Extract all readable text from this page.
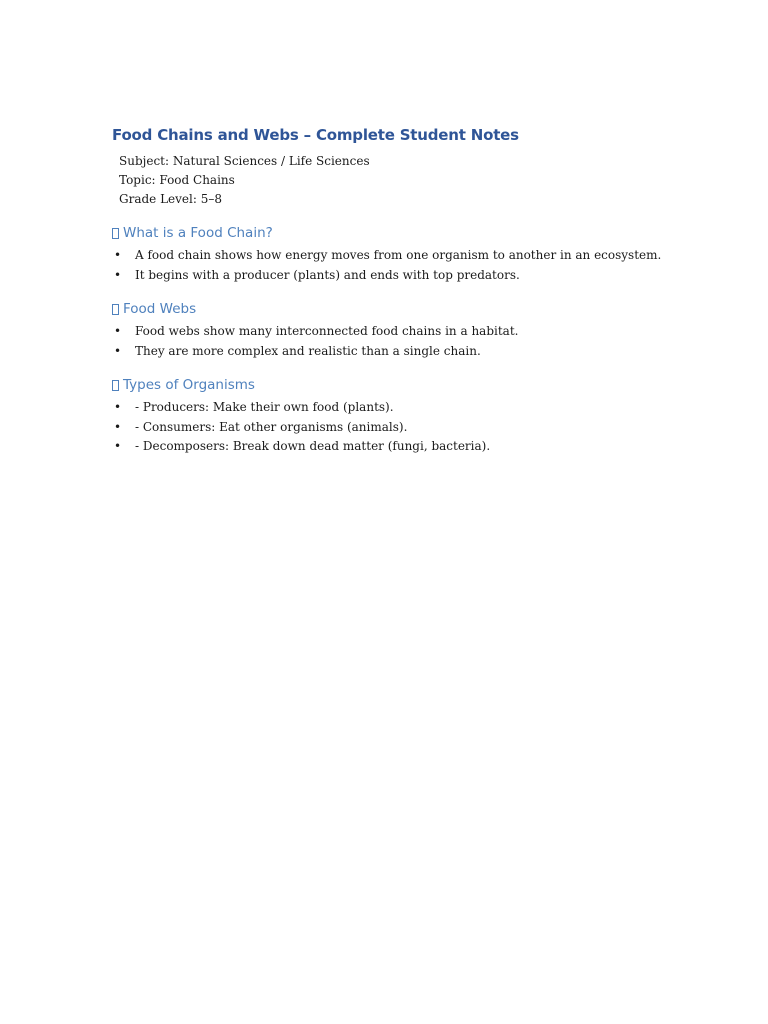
Food Chains and Webs – Complete Student Notes
Subject: Natural Sciences / Life Sciences
Topic: Food Chains
Grade Level: 5–8
What is a Food Chain?
• A food chain shows how energy moves from one organism to another in an ecosystem.
• It begins with a producer (plants) and ends with top predators.
Food Webs
• Food webs show many interconnected food chains in a habitat.
• They are more complex and realistic than a single chain.
Types of Organisms
• - Producers: Make their own food (plants).
• - Consumers: Eat other organisms (animals).
• - Decomposers: Break down dead matter (fungi, bacteria).
